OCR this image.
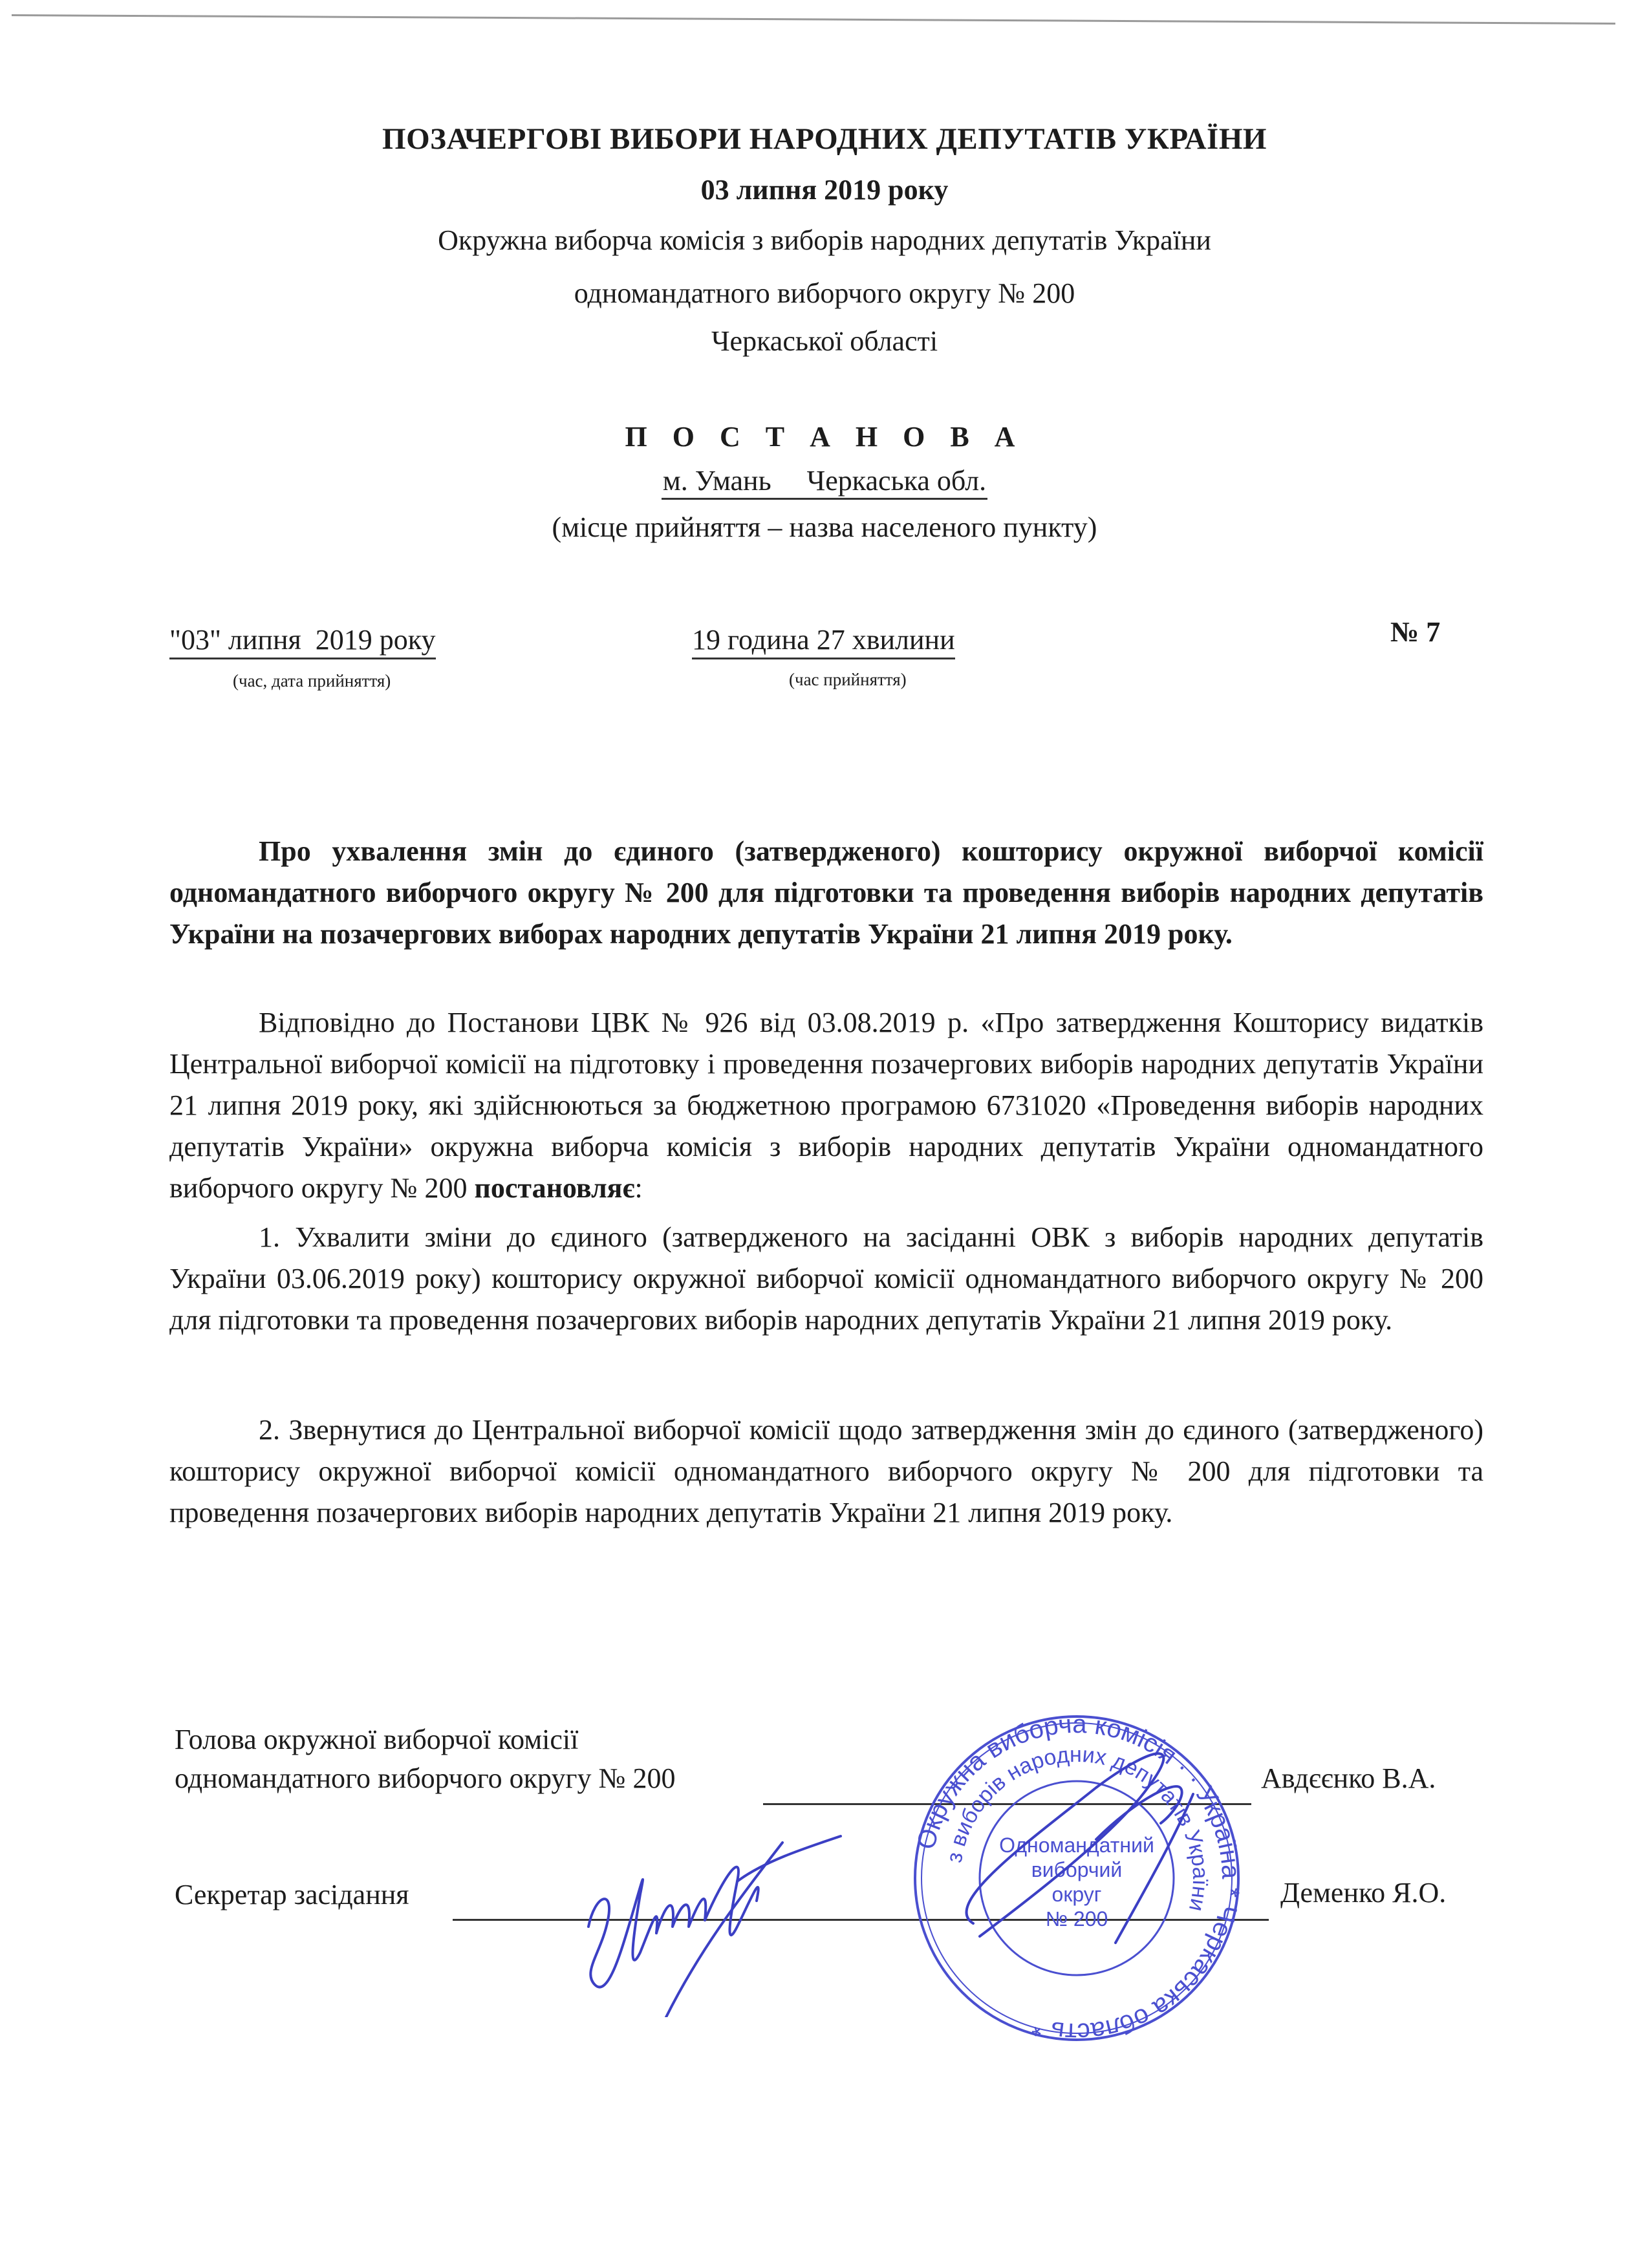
ПОЗАЧЕРГОВІ ВИБОРИ НАРОДНИХ ДЕПУТАТІВ УКРАЇНИ
03 липня 2019 року
Окружна виборча комісія з виборів народних депутатів України
одномандатного виборчого округу № 200
Черкаської області
П О С Т А Н О В А
м. Умань     Черкаська обл.
(місце прийняття – назва населеного пункту)
"03" липня  2019 року
(час, дата прийняття)
19 година 27 хвилини
(час прийняття)
№ 7
Про ухвалення змін до єдиного (затвердженого) кошторису окружної виборчої комісії одномандатного виборчого округу № 200 для підготовки та проведення виборів народних депутатів України на позачергових виборах народних депутатів України 21 липня 2019 року.
Відповідно до Постанови ЦВК № 926 від 03.08.2019 р. «Про затвердження Кошторису видатків Центральної виборчої комісії на підготовку і проведення позачергових виборів народних депутатів України 21 липня 2019 року, які здійснюються за бюджетною програмою 6731020 «Проведення виборів народних депутатів України» окружна виборча комісія з виборів народних депутатів України одномандатного виборчого округу № 200 постановляє:
1. Ухвалити зміни до єдиного (затвердженого на засіданні ОВК з виборів народних депутатів України 03.06.2019 року) кошторису окружної виборчої комісії одномандатного виборчого округу № 200 для підготовки та проведення позачергових виборів народних депутатів України 21 липня 2019 року.
2. Звернутися до Центральної виборчої комісії щодо затвердження змін до єдиного (затвердженого) кошторису окружної виборчої комісії одномандатного виборчого округу № 200 для підготовки та проведення позачергових виборів народних депутатів України 21 липня 2019 року.
Голова окружної виборчої комісії
одномандатного виборчого округу № 200	Авдєєнко В.А.
Секретар засідання	Деменко Я.О.
Окружна виборча комісія · · Україна * Черкаська область *
з виборів народних депутатів України
Одномандатний
виборчий
округ
№ 200
